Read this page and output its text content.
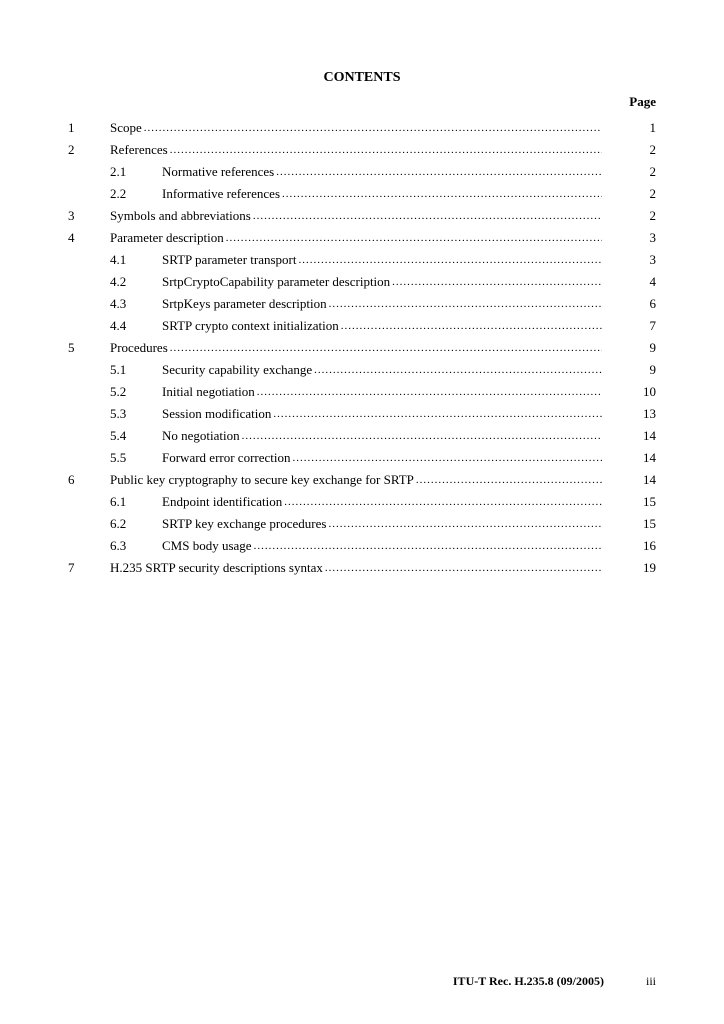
CONTENTS
Page
1	Scope .....	1
2	References .....	2
2.1	Normative references .....	2
2.2	Informative references .....	2
3	Symbols and abbreviations .....	2
4	Parameter description .....	3
4.1	SRTP parameter transport .....	3
4.2	SrtpCryptoCapability parameter description .....	4
4.3	SrtpKeys parameter description .....	6
4.4	SRTP crypto context initialization .....	7
5	Procedures .....	9
5.1	Security capability exchange .....	9
5.2	Initial negotiation .....	10
5.3	Session modification .....	13
5.4	No negotiation .....	14
5.5	Forward error correction .....	14
6	Public key cryptography to secure key exchange for SRTP .....	14
6.1	Endpoint identification .....	15
6.2	SRTP key exchange procedures .....	15
6.3	CMS body usage .....	16
7	H.235 SRTP security descriptions syntax .....	19
ITU-T Rec. H.235.8 (09/2005)	iii
